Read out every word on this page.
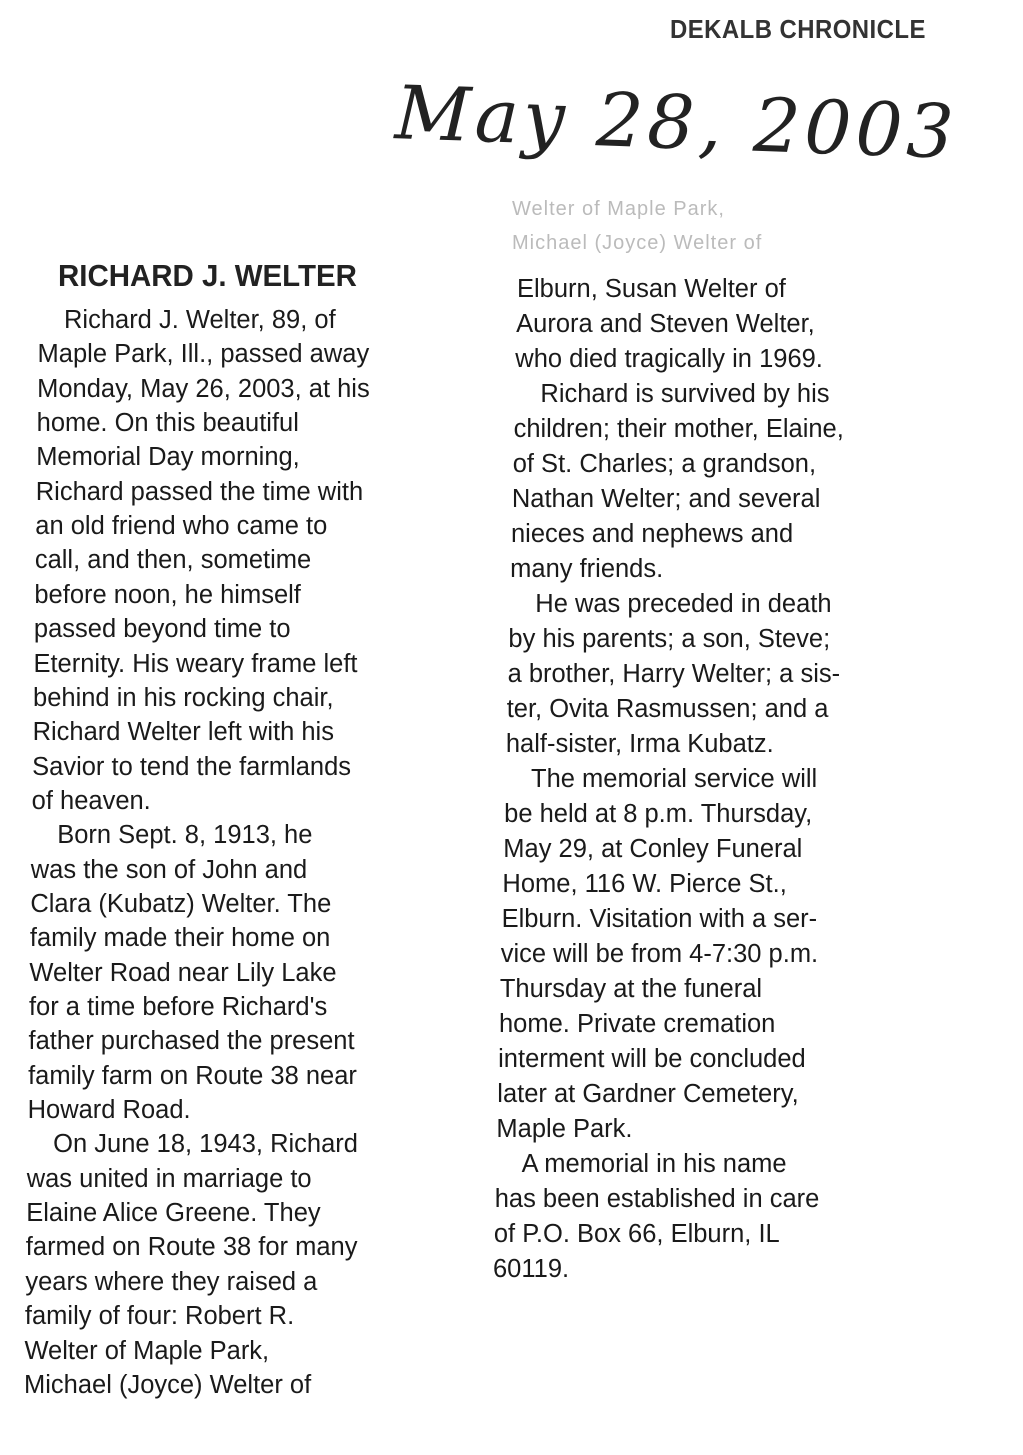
DEKALB CHRONICLE
May 28, 2003
Welter of Maple Park,
Michael (Joyce) Welter of
RICHARD J. WELTER
Richard J. Welter, 89, of
Maple Park, Ill., passed away
Monday, May 26, 2003, at his
home. On this beautiful
Memorial Day morning,
Richard passed the time with
an old friend who came to
call, and then, sometime
before noon, he himself
passed beyond time to
Eternity. His weary frame left
behind in his rocking chair,
Richard Welter left with his
Savior to tend the farmlands
of heaven.
Born Sept. 8, 1913, he
was the son of John and
Clara (Kubatz) Welter. The
family made their home on
Welter Road near Lily Lake
for a time before Richard's
father purchased the present
family farm on Route 38 near
Howard Road.
On June 18, 1943, Richard
was united in marriage to
Elaine Alice Greene. They
farmed on Route 38 for many
years where they raised a
family of four: Robert R.
Welter of Maple Park,
Michael (Joyce) Welter of
Elburn, Susan Welter of
Aurora and Steven Welter,
who died tragically in 1969.
Richard is survived by his
children; their mother, Elaine,
of St. Charles; a grandson,
Nathan Welter; and several
nieces and nephews and
many friends.
He was preceded in death
by his parents; a son, Steve;
a brother, Harry Welter; a sis-
ter, Ovita Rasmussen; and a
half-sister, Irma Kubatz.
The memorial service will
be held at 8 p.m. Thursday,
May 29, at Conley Funeral
Home, 116 W. Pierce St.,
Elburn. Visitation with a ser-
vice will be from 4-7:30 p.m.
Thursday at the funeral
home. Private cremation
interment will be concluded
later at Gardner Cemetery,
Maple Park.
A memorial in his name
has been established in care
of P.O. Box 66, Elburn, IL
60119.
